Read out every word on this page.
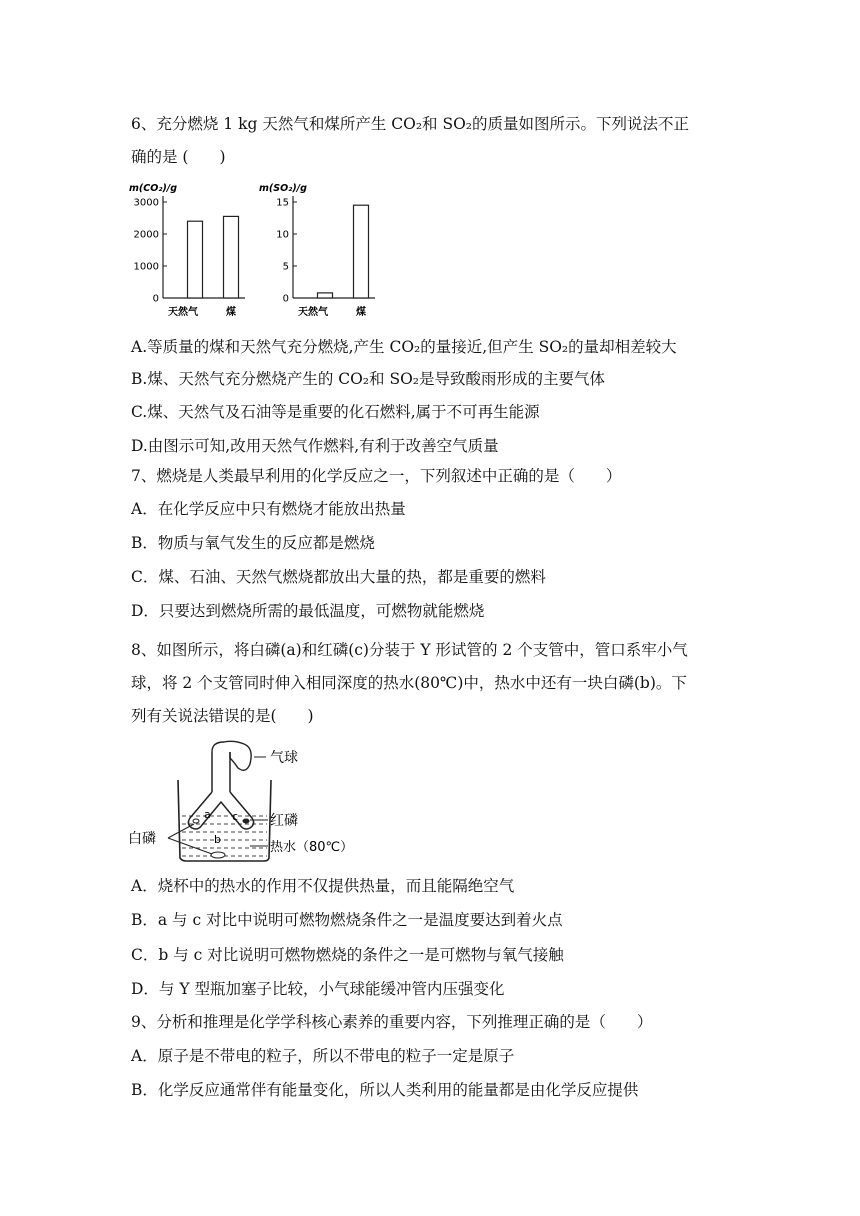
6、充分燃烧 1 kg 天然气和煤所产生 CO₂和 SO₂的质量如图所示。下列说法不正
确的是 (　　)
m(CO₂)/g
0
1000
2000
3000
天然气	煤
m(SO₂)/g
0
5
10
15
天然气	煤
A.等质量的煤和天然气充分燃烧,产生 CO₂的量接近,但产生 SO₂的量却相差较大
B.煤、天然气充分燃烧产生的 CO₂和 SO₂是导致酸雨形成的主要气体
C.煤、天然气及石油等是重要的化石燃料,属于不可再生能源
D.由图示可知,改用天然气作燃料,有利于改善空气质量
7、燃烧是人类最早利用的化学反应之一，下列叙述中正确的是（　　）
A．在化学反应中只有燃烧才能放出热量
B．物质与氧气发生的反应都是燃烧
C．煤、石油、天然气燃烧都放出大量的热，都是重要的燃料
D．只要达到燃烧所需的最低温度，可燃物就能燃烧
8、如图所示，将白磷(a)和红磷(c)分装于 Y 形试管的 2 个支管中，管口系牢小气
球，将 2 个支管同时伸入相同深度的热水(80℃)中，热水中还有一块白磷(b)。下
列有关说法错误的是(　　)
a c
b
气球
红磷
热水（80℃）
白磷
A．烧杯中的热水的作用不仅提供热量，而且能隔绝空气
B．a 与 c 对比中说明可燃物燃烧条件之一是温度要达到着火点
C．b 与 c 对比说明可燃物燃烧的条件之一是可燃物与氧气接触
D．与 Y 型瓶加塞子比较，小气球能缓冲管内压强变化
9、分析和推理是化学学科核心素养的重要内容，下列推理正确的是（　　）
A．原子是不带电的粒子，所以不带电的粒子一定是原子
B．化学反应通常伴有能量变化，所以人类利用的能量都是由化学反应提供
